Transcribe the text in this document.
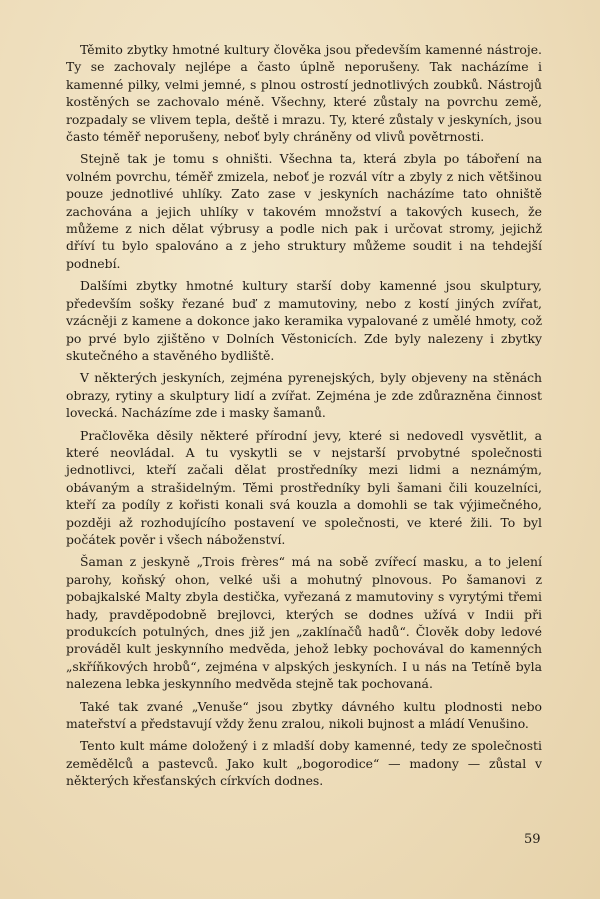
Těmito zbytky hmotné kultury člověka jsou především kamenné nástroje. Ty se zachovaly nejlépe a často úplně neporušeny. Tak nacházíme i kamenné pilky, velmi jemné, s plnou ostrostí jednotlivých zoubků. Nástrojů kostěných se zachovalo méně. Všechny, které zůstaly na povrchu země, rozpadaly se vlivem tepla, deště i mrazu. Ty, které zůstaly v jeskyních, jsou často téměř neporušeny, neboť byly chráněny od vlivů povětrnosti.

Stejně tak je tomu s ohništi. Všechna ta, která zbyla po táboření na volném povrchu, téměř zmizela, neboť je rozvál vítr a zbyly z nich většinou pouze jednotlivé uhlíky. Zato zase v jeskyních nacházíme tato ohniště zachována a jejich uhlíky v takovém množství a takových kusech, že můžeme z nich dělat výbrusy a podle nich pak i určovat stromy, jejichž dříví tu bylo spalováno a z jeho struktury můžeme soudit i na tehdejší podnebí.

Dalšími zbytky hmotné kultury starší doby kamenné jsou skulptury, především sošky řezané buď z mamutoviny, nebo z kostí jiných zvířat, vzácněji z kamene a dokonce jako keramika vypalované z umělé hmoty, což po prvé bylo zjištěno v Dolních Věstonicích. Zde byly nalezeny i zbytky skutečného a stavěného bydliště.

V některých jeskyních, zejména pyrenejských, byly objeveny na stěnách obrazy, rytiny a skulptury lidí a zvířat. Zejména je zde zdůrazněna činnost lovecká. Nacházíme zde i masky šamanů.

Pračlověka děsily některé přírodní jevy, které si nedovedl vysvětlit, a které neovládal. A tu vyskytli se v nejstarší prvobytné společnosti jednotlivci, kteří začali dělat prostředníky mezi lidmi a neznámým, obávaným a strašidelným. Těmi prostředníky byli šamani čili kouzelníci, kteří za podíly z kořisti konali svá kouzla a domohli se tak výjimečného, později až rozhodujícího postavení ve společnosti, ve které žili. To byl počátek pověr i všech náboženství.

Šaman z jeskyně „Trois frères“ má na sobě zvířecí masku, a to jelení parohy, koňský ohon, velké uši a mohutný plnovous. Po šamanovi z pobajkalské Malty zbyla destička, vyřezaná z mamutoviny s vyrytými třemi hady, pravděpodobně brejlovci, kterých se dodnes užívá v Indii při produkcích potulných, dnes již jen „zaklínačů hadů“. Člověk doby ledové prováděl kult jeskynního medvěda, jehož lebky pochovával do kamenných „skříňkových hrobů“, zejména v alpských jeskyních. I u nás na Tetíně byla nalezena lebka jeskynního medvěda stejně tak pochovaná.

Také tak zvané „Venuše“ jsou zbytky dávného kultu plodnosti nebo mateřství a představují vždy ženu zralou, nikoli bujnost a mládí Venušino.

Tento kult máme doložený i z mladší doby kamenné, tedy ze společnosti zemědělců a pastevců. Jako kult „bogorodice“ — madony — zůstal v některých křesťanských církvích dodnes.

59
